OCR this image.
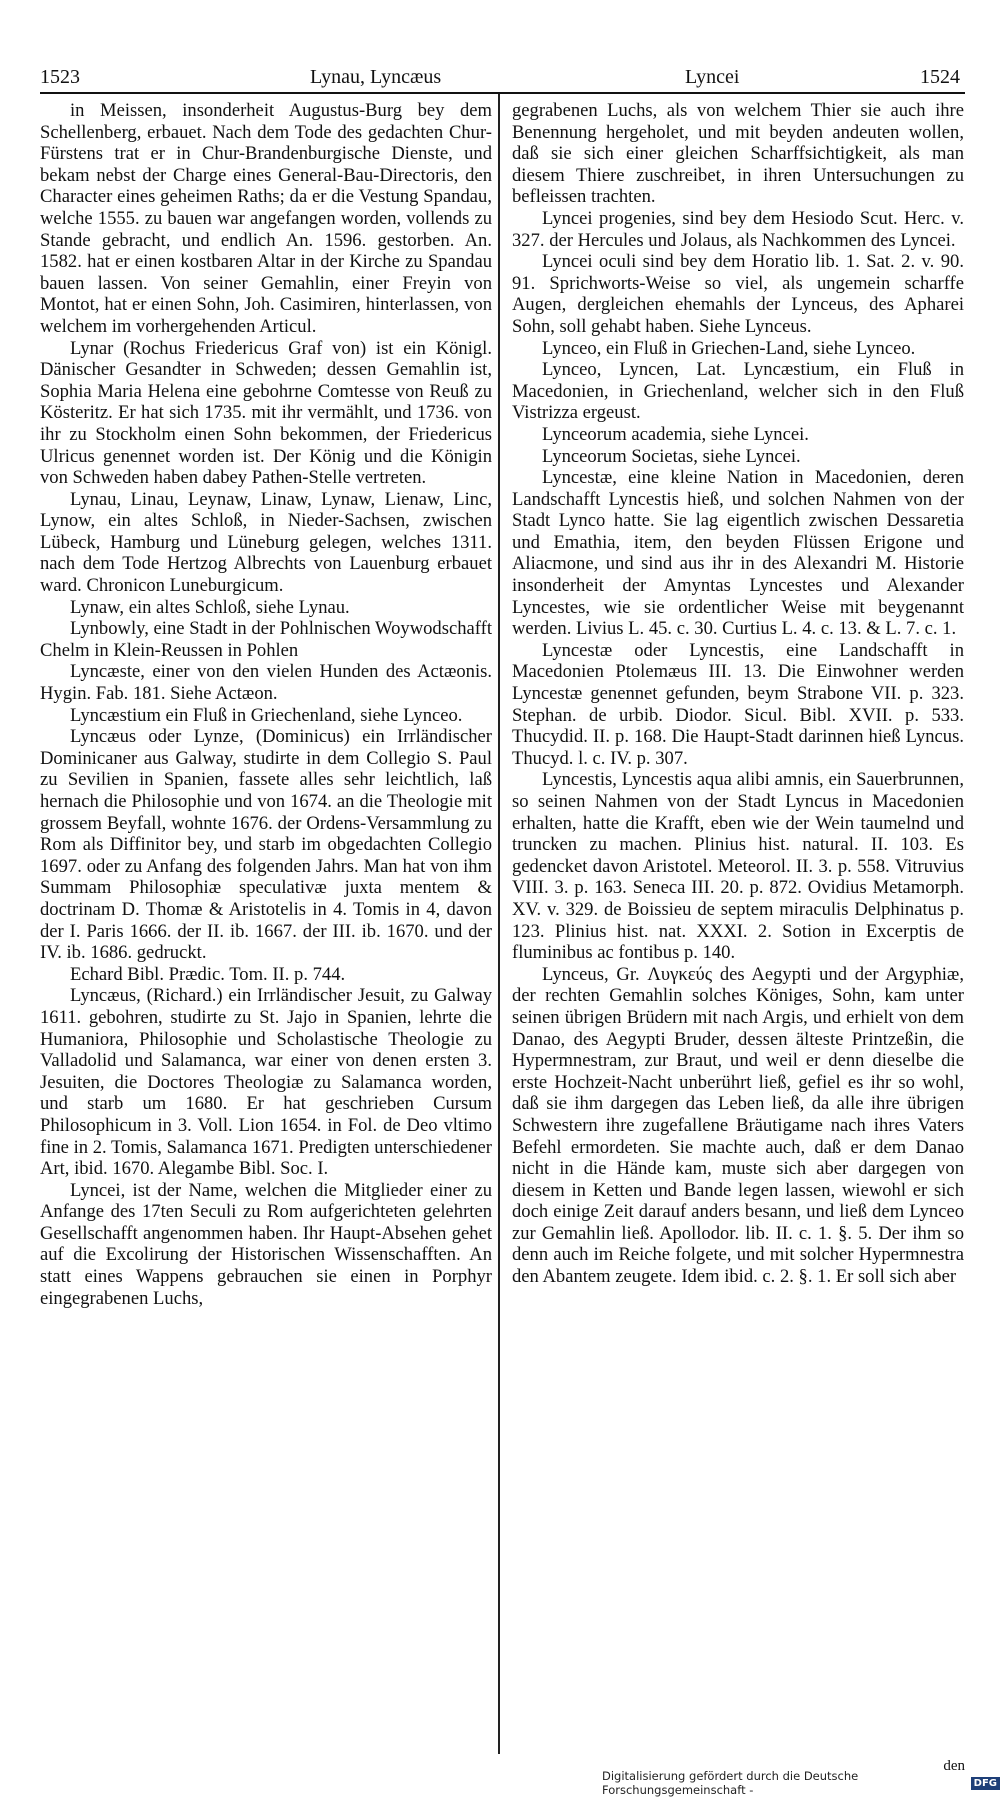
1523	Lynau, Lyncæus	Lyncei	1524

in Meissen, insonderheit Augustus-Burg bey dem Schellenberg, erbauet. Nach dem Tode des gedachten Chur-Fürstens trat er in Chur-Brandenburgische Dienste, und bekam nebst der Charge eines General-Bau-Directoris, den Character eines geheimen Raths; da er die Vestung Spandau, welche 1555. zu bauen war angefangen worden, vollends zu Stande gebracht, und endlich An. 1596. gestorben. An. 1582. hat er einen kostbaren Altar in der Kirche zu Spandau bauen lassen. Von seiner Gemahlin, einer Freyin von Montot, hat er einen Sohn, Joh. Casimiren, hinterlassen, von welchem im vorhergehenden Articul.

Lynar (Rochus Friedericus Graf von) ist ein Königl. Dänischer Gesandter in Schweden; dessen Gemahlin ist, Sophia Maria Helena eine gebohrne Comtesse von Reuß zu Kösteritz. Er hat sich 1735. mit ihr vermählt, und 1736. von ihr zu Stockholm einen Sohn bekommen, der Friedericus Ulricus genennet worden ist. Der König und die Königin von Schweden haben dabey Pathen-Stelle vertreten.

Lynau, Linau, Leynaw, Linaw, Lynaw, Lienaw, Linc, Lynow, ein altes Schloß, in Nieder-Sachsen, zwischen Lübeck, Hamburg und Lüneburg gelegen, welches 1311. nach dem Tode Hertzog Albrechts von Lauenburg erbauet ward. Chronicon Luneburgicum.

Lynaw, ein altes Schloß, siehe Lynau.

Lynbowly, eine Stadt in der Pohlnischen Woywodschafft Chelm in Klein-Reussen in Pohlen

Lyncæste, einer von den vielen Hunden des Actæonis. Hygin. Fab. 181. Siehe Actæon.

Lyncæstium ein Fluß in Griechenland, siehe Lynceo.

Lyncæus oder Lynze, (Dominicus) ein Irrländischer Dominicaner aus Galway, studirte in dem Collegio S. Paul zu Sevilien in Spanien, fassete alles sehr leichtlich, laß hernach die Philosophie und von 1674. an die Theologie mit grossem Beyfall, wohnte 1676. der Ordens-Versammlung zu Rom als Diffinitor bey, und starb im obgedachten Collegio 1697. oder zu Anfang des folgenden Jahrs. Man hat von ihm Summam Philosophiæ speculativæ juxta mentem & doctrinam D. Thomæ & Aristotelis in 4. Tomis in 4, davon der I. Paris 1666. der II. ib. 1667. der III. ib. 1670. und der IV. ib. 1686. gedruckt.

Echard Bibl. Prædic. Tom. II. p. 744.

Lyncæus, (Richard.) ein Irrländischer Jesuit, zu Galway 1611. gebohren, studirte zu St. Jajo in Spanien, lehrte die Humaniora, Philosophie und Scholastische Theologie zu Valladolid und Salamanca, war einer von denen ersten 3. Jesuiten, die Doctores Theologiæ zu Salamanca worden, und starb um 1680. Er hat geschrieben Cursum Philosophicum in 3. Voll. Lion 1654. in Fol. de Deo vltimo fine in 2. Tomis, Salamanca 1671. Predigten unterschiedener Art, ibid. 1670. Alegambe Bibl. Soc. I.

Lyncei, ist der Name, welchen die Mitglieder einer zu Anfange des 17ten Seculi zu Rom aufgerichteten gelehrten Gesellschafft angenommen haben. Ihr Haupt-Absehen gehet auf die Excolirung der Historischen Wissenschafften. An statt eines Wappens gebrauchen sie einen in Porphyr eingegrabenen Luchs,

gegrabenen Luchs, als von welchem Thier sie auch ihre Benennung hergeholet, und mit beyden andeuten wollen, daß sie sich einer gleichen Scharffsichtigkeit, als man diesem Thiere zuschreibet, in ihren Untersuchungen zu befleissen trachten.

Lyncei progenies, sind bey dem Hesiodo Scut. Herc. v. 327. der Hercules und Jolaus, als Nachkommen des Lyncei.

Lyncei oculi sind bey dem Horatio lib. 1. Sat. 2. v. 90. 91. Sprichworts-Weise so viel, als ungemein scharffe Augen, dergleichen ehemahls der Lynceus, des Apharei Sohn, soll gehabt haben. Siehe Lynceus.

Lynceo, ein Fluß in Griechen-Land, siehe Lynceo.

Lynceo, Lyncen, Lat. Lyncæstium, ein Fluß in Macedonien, in Griechenland, welcher sich in den Fluß Vistrizza ergeust.

Lynceorum academia, siehe Lyncei.

Lynceorum Societas, siehe Lyncei.

Lyncestæ, eine kleine Nation in Macedonien, deren Landschafft Lyncestis hieß, und solchen Nahmen von der Stadt Lynco hatte. Sie lag eigentlich zwischen Dessaretia und Emathia, item, den beyden Flüssen Erigone und Aliacmone, und sind aus ihr in des Alexandri M. Historie insonderheit der Amyntas Lyncestes und Alexander Lyncestes, wie sie ordentlicher Weise mit beygenannt werden. Livius L. 45. c. 30. Curtius L. 4. c. 13. & L. 7. c. 1.

Lyncestæ oder Lyncestis, eine Landschafft in Macedonien Ptolemæus III. 13. Die Einwohner werden Lyncestæ genennet gefunden, beym Strabone VII. p. 323. Stephan. de urbib. Diodor. Sicul. Bibl. XVII. p. 533. Thucydid. II. p. 168. Die Haupt-Stadt darinnen hieß Lyncus. Thucyd. l. c. IV. p. 307.

Lyncestis, Lyncestis aqua alibi amnis, ein Sauerbrunnen, so seinen Nahmen von der Stadt Lyncus in Macedonien erhalten, hatte die Krafft, eben wie der Wein taumelnd und truncken zu machen. Plinius hist. natural. II. 103. Es gedencket davon Aristotel. Meteorol. II. 3. p. 558. Vitruvius VIII. 3. p. 163. Seneca III. 20. p. 872. Ovidius Metamorph. XV. v. 329. de Boissieu de septem miraculis Delphinatus p. 123. Plinius hist. nat. XXXI. 2. Sotion in Excerptis de fluminibus ac fontibus p. 140.

Lynceus, Gr. Λυγκεύς des Aegypti und der Argyphiæ, der rechten Gemahlin solches Königes, Sohn, kam unter seinen übrigen Brüdern mit nach Argis, und erhielt von dem Danao, des Aegypti Bruder, dessen älteste Printzeßin, die Hypermnestram, zur Braut, und weil er denn dieselbe die erste Hochzeit-Nacht unberührt ließ, gefiel es ihr so wohl, daß sie ihm dargegen das Leben ließ, da alle ihre übrigen Schwestern ihre zugefallene Bräutigame nach ihres Vaters Befehl ermordeten. Sie machte auch, daß er dem Danao nicht in die Hände kam, muste sich aber dargegen von diesem in Ketten und Bande legen lassen, wiewohl er sich doch einige Zeit darauf anders besann, und ließ dem Lynceo zur Gemahlin ließ. Apollodor. lib. II. c. 1. §. 5. Der ihm so denn auch im Reiche folgete, und mit solcher Hypermnestra den Abantem zeugete. Idem ibid. c. 2. §. 1. Er soll sich aber

den
Digitalisierung gefördert durch die Deutsche Forschungsgemeinschaft -	DFG
